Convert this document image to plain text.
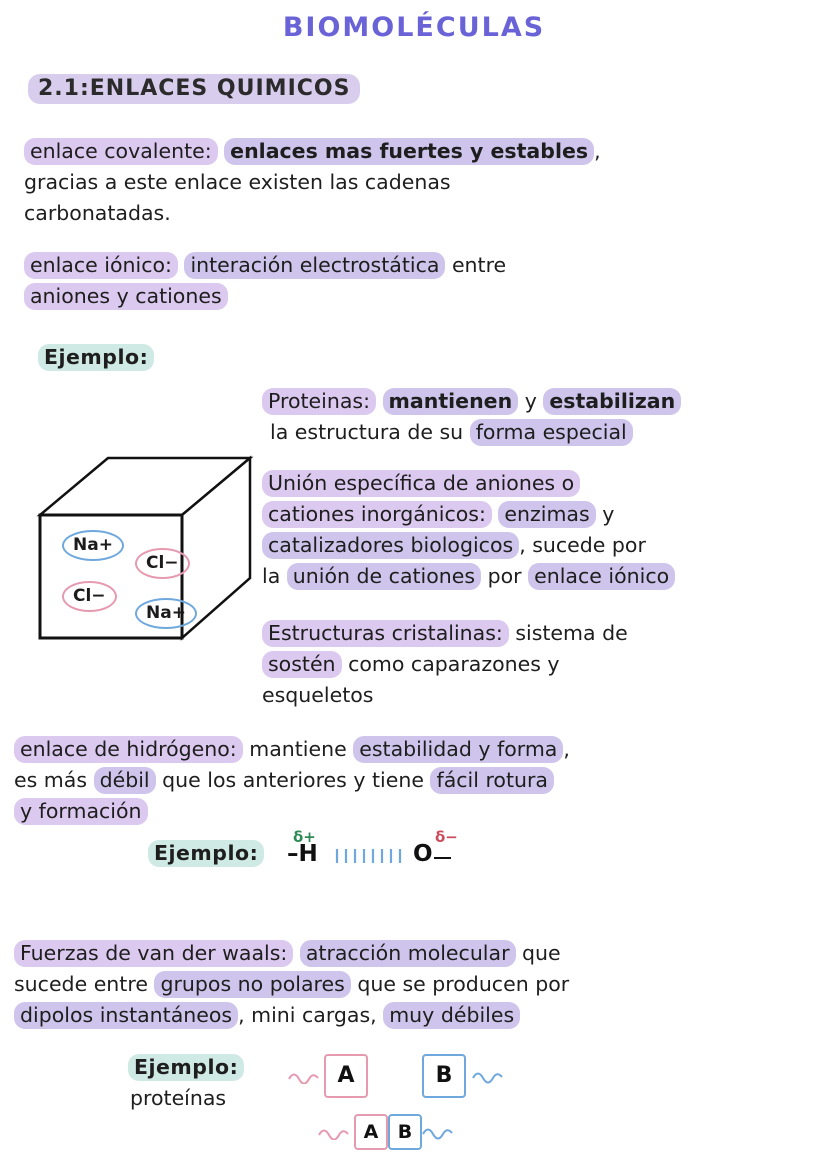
BIOMOLÉCULAS
2.1:ENLACES QUIMICOS
enlace covalente: enlaces mas fuertes y estables ,
gracias a este enlace existen las cadenas
carbonatadas.
enlace iónico: interación electrostática entre
aniones y cationes
Ejemplo:
Proteinas: mantienen y estabilizan
la estructura de su forma especial
Unión específica de aniones o
cationes inorgánicos: enzimas y
catalizadores biologicos , sucede por
la unión de cationes por enlace iónico
Estructuras cristalinas: sistema de
sostén como caparazones y
esqueletos
Na+
Cl−
Cl−
Na+
enlace de hidrógeno: mantiene estabilidad y forma ,
es más débil que los anteriores y tiene fácil rotura
y formación
Ejemplo:
δ+
–H	O
δ−
Fuerzas de van der waals: atracción molecular que
sucede entre grupos no polares que se producen por
dipolos instantáneos , mini cargas, muy débiles
Ejemplo:
proteínas
A	B
A	B
